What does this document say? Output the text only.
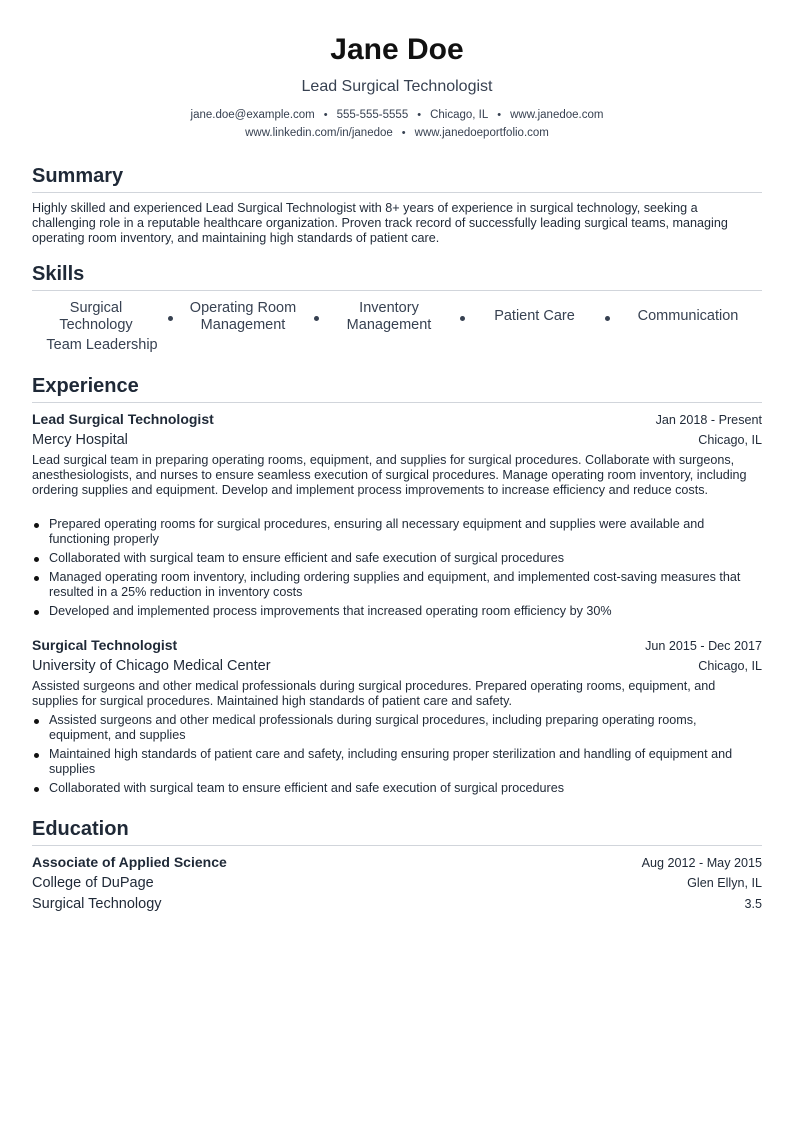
Jane Doe
Lead Surgical Technologist
jane.doe@example.com • 555-555-5555 • Chicago, IL • www.janedoe.com
www.linkedin.com/in/janedoe • www.janedoeportfolio.com
Summary
Highly skilled and experienced Lead Surgical Technologist with 8+ years of experience in surgical technology, seeking a challenging role in a reputable healthcare organization. Proven track record of successfully leading surgical teams, managing operating room inventory, and maintaining high standards of patient care.
Skills
Surgical Technology
Operating Room Management
Inventory Management
Patient Care	Communication
Team Leadership
Experience
Lead Surgical Technologist	Jan 2018 - Present
Mercy Hospital	Chicago, IL
Lead surgical team in preparing operating rooms, equipment, and supplies for surgical procedures. Collaborate with surgeons, anesthesiologists, and nurses to ensure seamless execution of surgical procedures. Manage operating room inventory, including ordering supplies and equipment. Develop and implement process improvements to increase efficiency and reduce costs.
Prepared operating rooms for surgical procedures, ensuring all necessary equipment and supplies were available and functioning properly
Collaborated with surgical team to ensure efficient and safe execution of surgical procedures
Managed operating room inventory, including ordering supplies and equipment, and implemented cost-saving measures that resulted in a 25% reduction in inventory costs
Developed and implemented process improvements that increased operating room efficiency by 30%
Surgical Technologist	Jun 2015 - Dec 2017
University of Chicago Medical Center	Chicago, IL
Assisted surgeons and other medical professionals during surgical procedures. Prepared operating rooms, equipment, and supplies for surgical procedures. Maintained high standards of patient care and safety.
Assisted surgeons and other medical professionals during surgical procedures, including preparing operating rooms, equipment, and supplies
Maintained high standards of patient care and safety, including ensuring proper sterilization and handling of equipment and supplies
Collaborated with surgical team to ensure efficient and safe execution of surgical procedures
Education
Associate of Applied Science	Aug 2012 - May 2015
College of DuPage	Glen Ellyn, IL
Surgical Technology	3.5
